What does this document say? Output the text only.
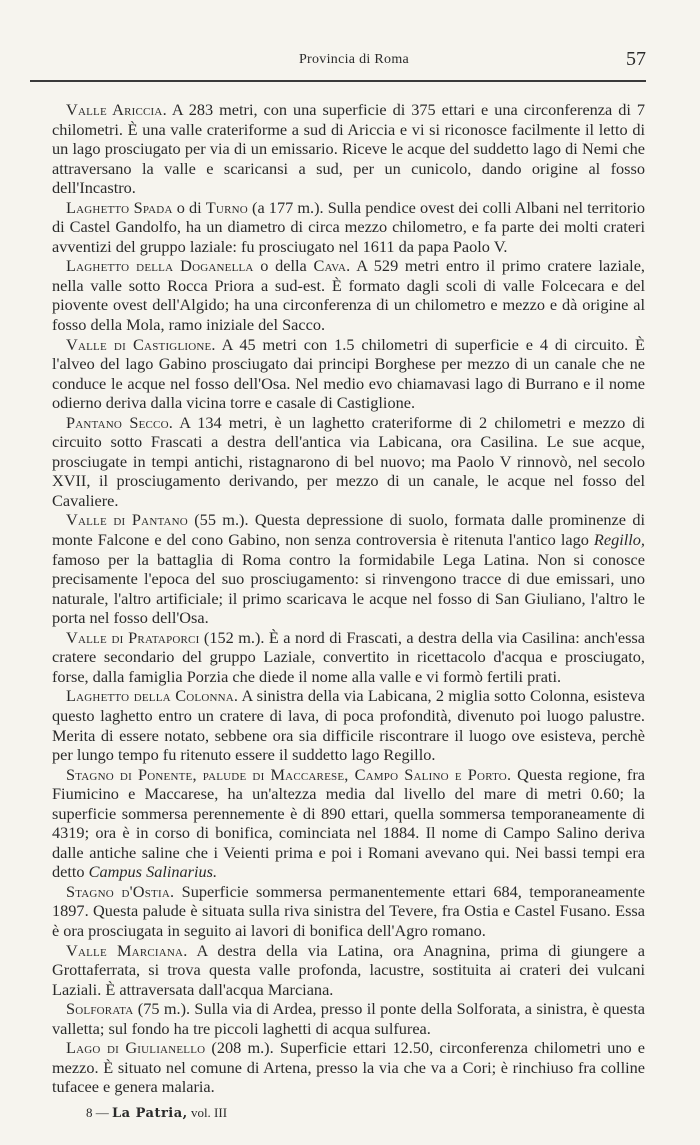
Provincia di Roma	57

Valle Ariccia. A 283 metri, con una superficie di 375 ettari e una circonferenza di 7 chilometri. È una valle crateriforme a sud di Ariccia e vi si riconosce facilmente il letto di un lago prosciugato per via di un emissario. Riceve le acque del suddetto lago di Nemi che attraversano la valle e scaricansi a sud, per un cunicolo, dando origine al fosso dell'Incastro.

Laghetto Spada o di Turno (a 177 m.). Sulla pendice ovest dei colli Albani nel territorio di Castel Gandolfo, ha un diametro di circa mezzo chilometro, e fa parte dei molti crateri avventizi del gruppo laziale: fu prosciugato nel 1611 da papa Paolo V.

Laghetto della Doganella o della Cava. A 529 metri entro il primo cratere laziale, nella valle sotto Rocca Priora a sud-est. È formato dagli scoli di valle Folcecara e del piovente ovest dell'Algido; ha una circonferenza di un chilometro e mezzo e dà origine al fosso della Mola, ramo iniziale del Sacco.

Valle di Castiglione. A 45 metri con 1.5 chilometri di superficie e 4 di circuito. È l'alveo del lago Gabino prosciugato dai principi Borghese per mezzo di un canale che ne conduce le acque nel fosso dell'Osa. Nel medio evo chiamavasi lago di Burrano e il nome odierno deriva dalla vicina torre e casale di Castiglione.

Pantano Secco. A 134 metri, è un laghetto crateriforme di 2 chilometri e mezzo di circuito sotto Frascati a destra dell'antica via Labicana, ora Casilina. Le sue acque, prosciugate in tempi antichi, ristagnarono di bel nuovo; ma Paolo V rinnovò, nel secolo XVII, il prosciugamento derivando, per mezzo di un canale, le acque nel fosso del Cavaliere.

Valle di Pantano (55 m.). Questa depressione di suolo, formata dalle prominenze di monte Falcone e del cono Gabino, non senza controversia è ritenuta l'antico lago Regillo, famoso per la battaglia di Roma contro la formidabile Lega Latina. Non si conosce precisamente l'epoca del suo prosciugamento: si rinvengono tracce di due emissari, uno naturale, l'altro artificiale; il primo scaricava le acque nel fosso di San Giuliano, l'altro le porta nel fosso dell'Osa.

Valle di Prataporci (152 m.). È a nord di Frascati, a destra della via Casilina: anch'essa cratere secondario del gruppo Laziale, convertito in ricettacolo d'acqua e prosciugato, forse, dalla famiglia Porzia che diede il nome alla valle e vi formò fertili prati.

Laghetto della Colonna. A sinistra della via Labicana, 2 miglia sotto Colonna, esisteva questo laghetto entro un cratere di lava, di poca profondità, divenuto poi luogo palustre. Merita di essere notato, sebbene ora sia difficile riscontrare il luogo ove esisteva, perchè per lungo tempo fu ritenuto essere il suddetto lago Regillo.

Stagno di Ponente, palude di Maccarese, Campo Salino e Porto. Questa regione, fra Fiumicino e Maccarese, ha un'altezza media dal livello del mare di metri 0.60; la superficie sommersa perennemente è di 890 ettari, quella sommersa temporaneamente di 4319; ora è in corso di bonifica, cominciata nel 1884. Il nome di Campo Salino deriva dalle antiche saline che i Veienti prima e poi i Romani avevano qui. Nei bassi tempi era detto Campus Salinarius.

Stagno d'Ostia. Superficie sommersa permanentemente ettari 684, temporaneamente 1897. Questa palude è situata sulla riva sinistra del Tevere, fra Ostia e Castel Fusano. Essa è ora prosciugata in seguito ai lavori di bonifica dell'Agro romano.

Valle Marciana. A destra della via Latina, ora Anagnina, prima di giungere a Grottaferrata, si trova questa valle profonda, lacustre, sostituita ai crateri dei vulcani Laziali. È attraversata dall'acqua Marciana.

Solforata (75 m.). Sulla via di Ardea, presso il ponte della Solforata, a sinistra, è questa valletta; sul fondo ha tre piccoli laghetti di acqua sulfurea.

Lago di Giulianello (208 m.). Superficie ettari 12.50, circonferenza chilometri uno e mezzo. È situato nel comune di Artena, presso la via che va a Cori; è rinchiuso fra colline tufacee e genera malaria.

8 — La Patria, vol. III
